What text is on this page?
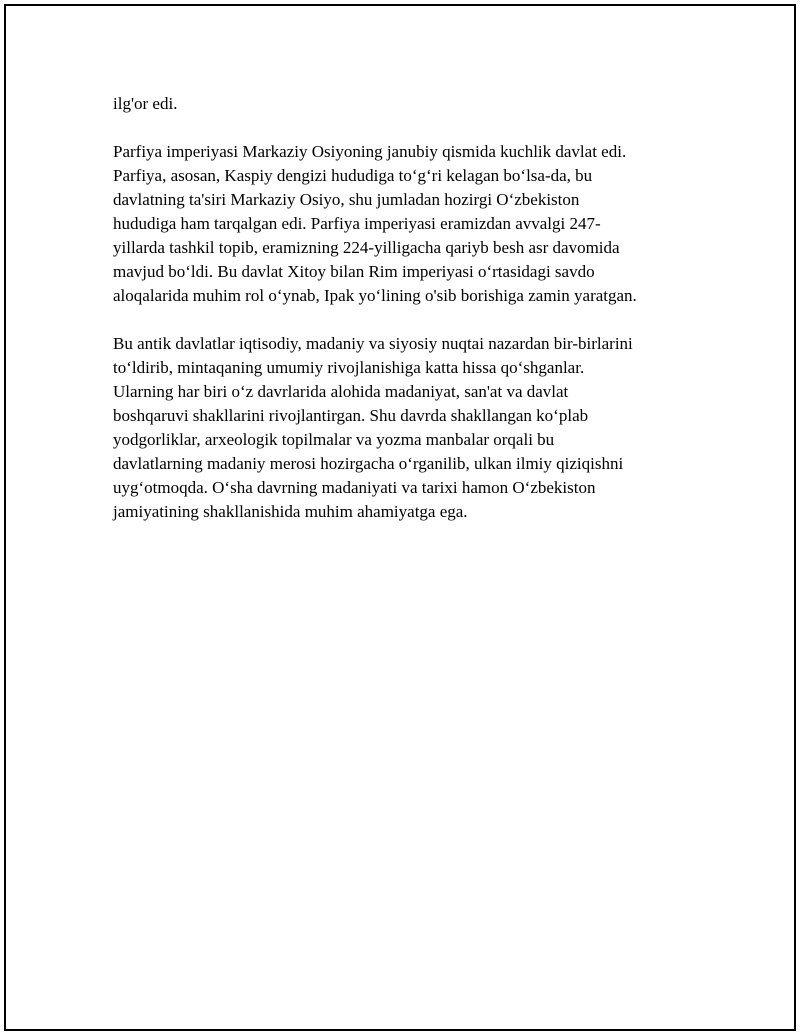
ilg'or edi.

Parfiya imperiyasi Markaziy Osiyoning janubiy qismida kuchlik davlat edi.
Parfiya, asosan, Kaspiy dengizi hududiga to‘g‘ri kelagan bo‘lsa-da, bu
davlatning ta'siri Markaziy Osiyo, shu jumladan hozirgi O‘zbekiston
hududiga ham tarqalgan edi. Parfiya imperiyasi eramizdan avvalgi 247-
yillarda tashkil topib, eramizning 224-yilligacha qariyb besh asr davomida
mavjud bo‘ldi. Bu davlat Xitoy bilan Rim imperiyasi o‘rtasidagi savdo
aloqalarida muhim rol o‘ynab, Ipak yo‘lining o'sib borishiga zamin yaratgan.

Bu antik davlatlar iqtisodiy, madaniy va siyosiy nuqtai nazardan bir-birlarini
to‘ldirib, mintaqaning umumiy rivojlanishiga katta hissa qo‘shganlar.
Ularning har biri o‘z davrlarida alohida madaniyat, san'at va davlat
boshqaruvi shakllarini rivojlantirgan. Shu davrda shakllangan ko‘plab
yodgorliklar, arxeologik topilmalar va yozma manbalar orqali bu
davlatlarning madaniy merosi hozirgacha o‘rganilib, ulkan ilmiy qiziqishni
uyg‘otmoqda. O‘sha davrning madaniyati va tarixi hamon O‘zbekiston
jamiyatining shakllanishida muhim ahamiyatga ega.
